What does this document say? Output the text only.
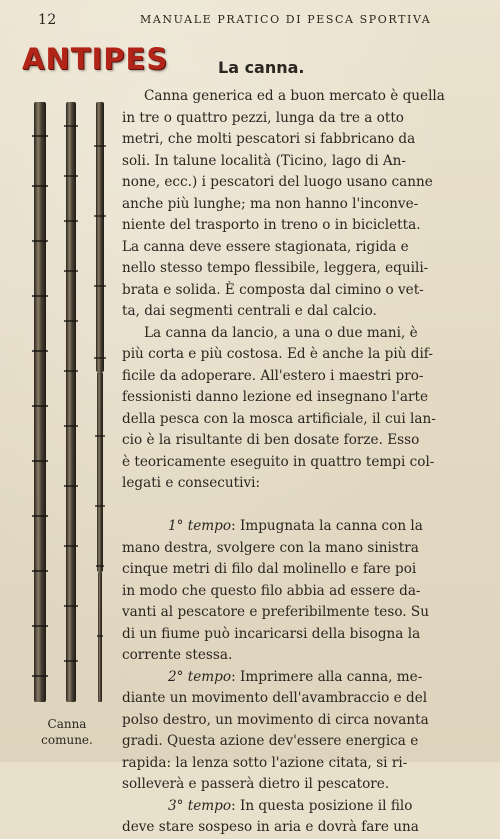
12	MANUALE PRATICO DI PESCA SPORTIVA
ANTIPES	La canna.
Canna
comune.
Canna generica ed a buon mercato è quella
in tre o quattro pezzi, lunga da tre a otto
metri, che molti pescatori si fabbricano da
soli. In talune località (Ticino, lago di An-
none, ecc.) i pescatori del luogo usano canne
anche più lunghe; ma non hanno l'inconve-
niente del trasporto in treno o in bicicletta.
La canna deve essere stagionata, rigida e
nello stesso tempo flessibile, leggera, equili-
brata e solida. È composta dal cimino o vet-
ta, dai segmenti centrali e dal calcio.
La canna da lancio, a una o due mani, è
più corta e più costosa. Ed è anche la più dif-
ficile da adoperare. All'estero i maestri pro-
fessionisti danno lezione ed insegnano l'arte
della pesca con la mosca artificiale, il cui lan-
cio è la risultante di ben dosate forze. Esso
è teoricamente eseguito in quattro tempi col-
legati e consecutivi:

1° tempo: Impugnata la canna con la
mano destra, svolgere con la mano sinistra
cinque metri di filo dal molinello e fare poi
in modo che questo filo abbia ad essere da-
vanti al pescatore e preferibilmente teso. Su
di un fiume può incaricarsi della bisogna la
corrente stessa.
2° tempo: Imprimere alla canna, me-
diante un movimento dell'avambraccio e del
polso destro, un movimento di circa novanta
gradi. Questa azione dev'essere energica e
rapida: la lenza sotto l'azione citata, si ri-
solleverà e passerà dietro il pescatore.
3° tempo: In questa posizione il filo
deve stare sospeso in aria e dovrà fare una
